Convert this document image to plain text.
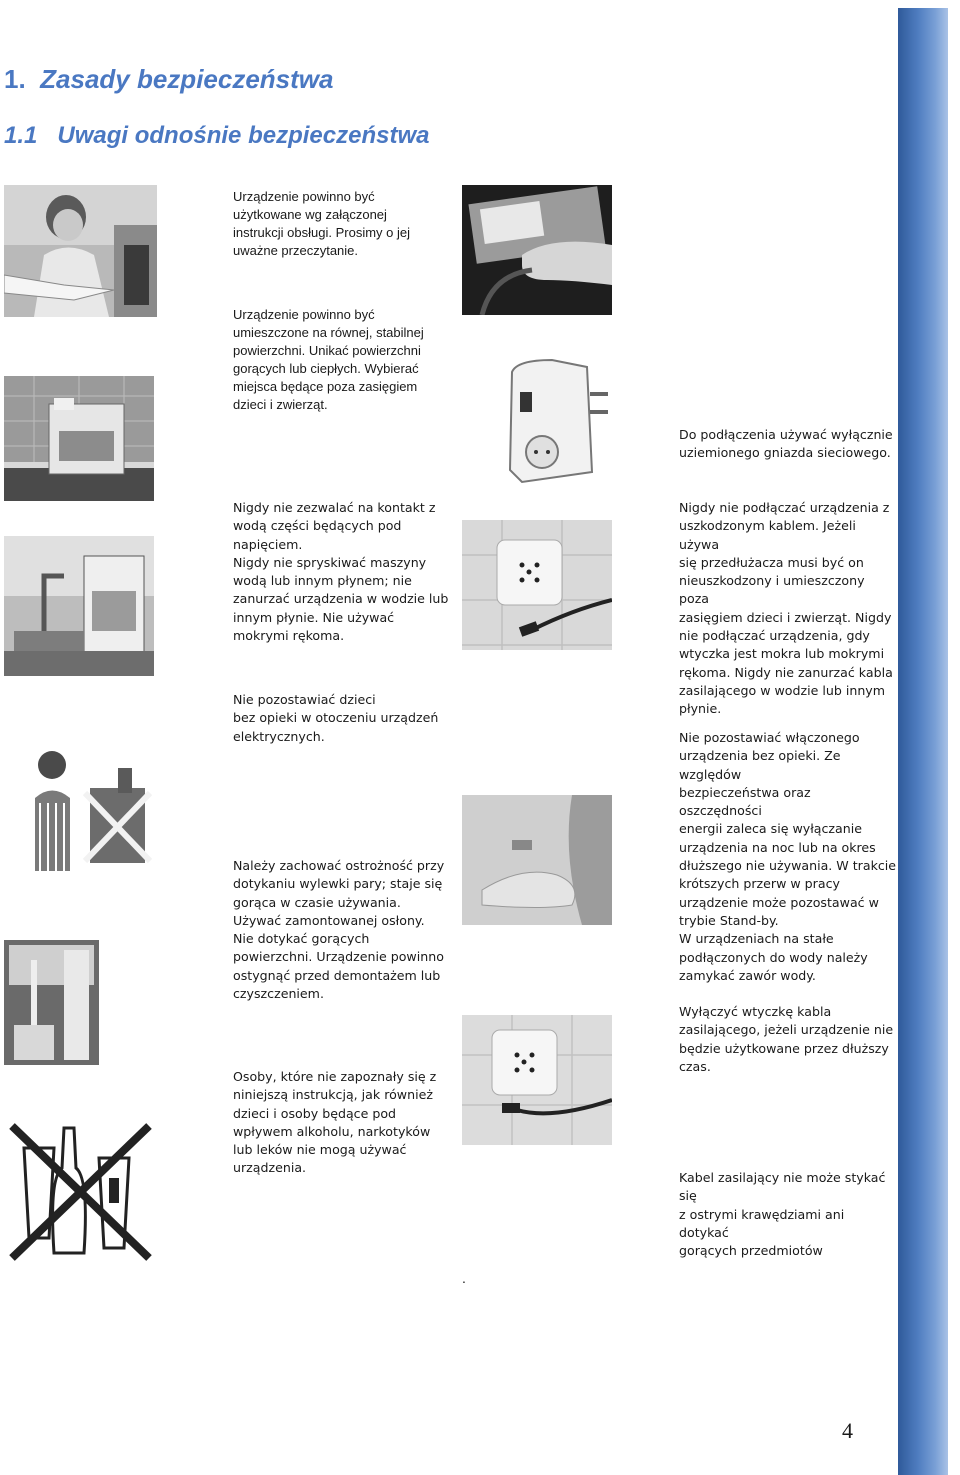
1. Zasady bezpieczeństwa
1.1 Uwagi odnośnie bezpieczeństwa
Urządzenie powinno być
użytkowane wg załączonej
instrukcji obsługi. Prosimy o jej
uważne przeczytanie.
Urządzenie powinno być
umieszczone na równej, stabilnej
powierzchni. Unikać powierzchni
gorących lub ciepłych. Wybierać
miejsca będące poza zasięgiem
dzieci i zwierząt.
Nigdy nie zezwalać na kontakt z
wodą części będących pod
napięciem.
Nigdy nie spryskiwać maszyny
wodą lub innym płynem; nie
zanurzać urządzenia w wodzie lub
innym płynie. Nie używać
mokrymi rękoma.
Nie pozostawiać dzieci
bez opieki w otoczeniu urządzeń
elektrycznych.
Należy zachować ostrożność przy
dotykaniu wylewki pary; staje się
gorąca w czasie używania.
Używać zamontowanej osłony.
Nie dotykać gorących
powierzchni. Urządzenie powinno
ostygnąć przed demontażem lub
czyszczeniem.
Osoby, które nie zapoznały się z
niniejszą instrukcją, jak również
dzieci i osoby będące pod
wpływem alkoholu, narkotyków
lub leków nie mogą używać
urządzenia.
Do podłączenia używać wyłącznie
uziemionego gniazda sieciowego.
Nigdy nie podłączać urządzenia z
uszkodzonym kablem. Jeżeli używa
się przedłużacza musi być on
nieuszkodzony i umieszczony poza
zasięgiem dzieci i zwierząt. Nigdy
nie podłączać urządzenia, gdy
wtyczka jest mokra lub mokrymi
rękoma. Nigdy nie zanurzać kabla
zasilającego w wodzie lub innym
płynie.
Nie pozostawiać włączonego
urządzenia bez opieki. Ze względów
bezpieczeństwa oraz oszczędności
energii zaleca się wyłączanie
urządzenia na noc lub na okres
dłuższego nie używania. W trakcie
krótszych przerw w pracy
urządzenie może pozostawać w
trybie Stand-by.
W urządzeniach na stałe
podłączonych do wody należy
zamykać zawór wody.
Wyłączyć wtyczkę kabla
zasilającego, jeżeli urządzenie nie
będzie użytkowane przez dłuższy
czas.
Kabel zasilający nie może stykać się
z ostrymi krawędziami ani dotykać
gorących przedmiotów
.
4
